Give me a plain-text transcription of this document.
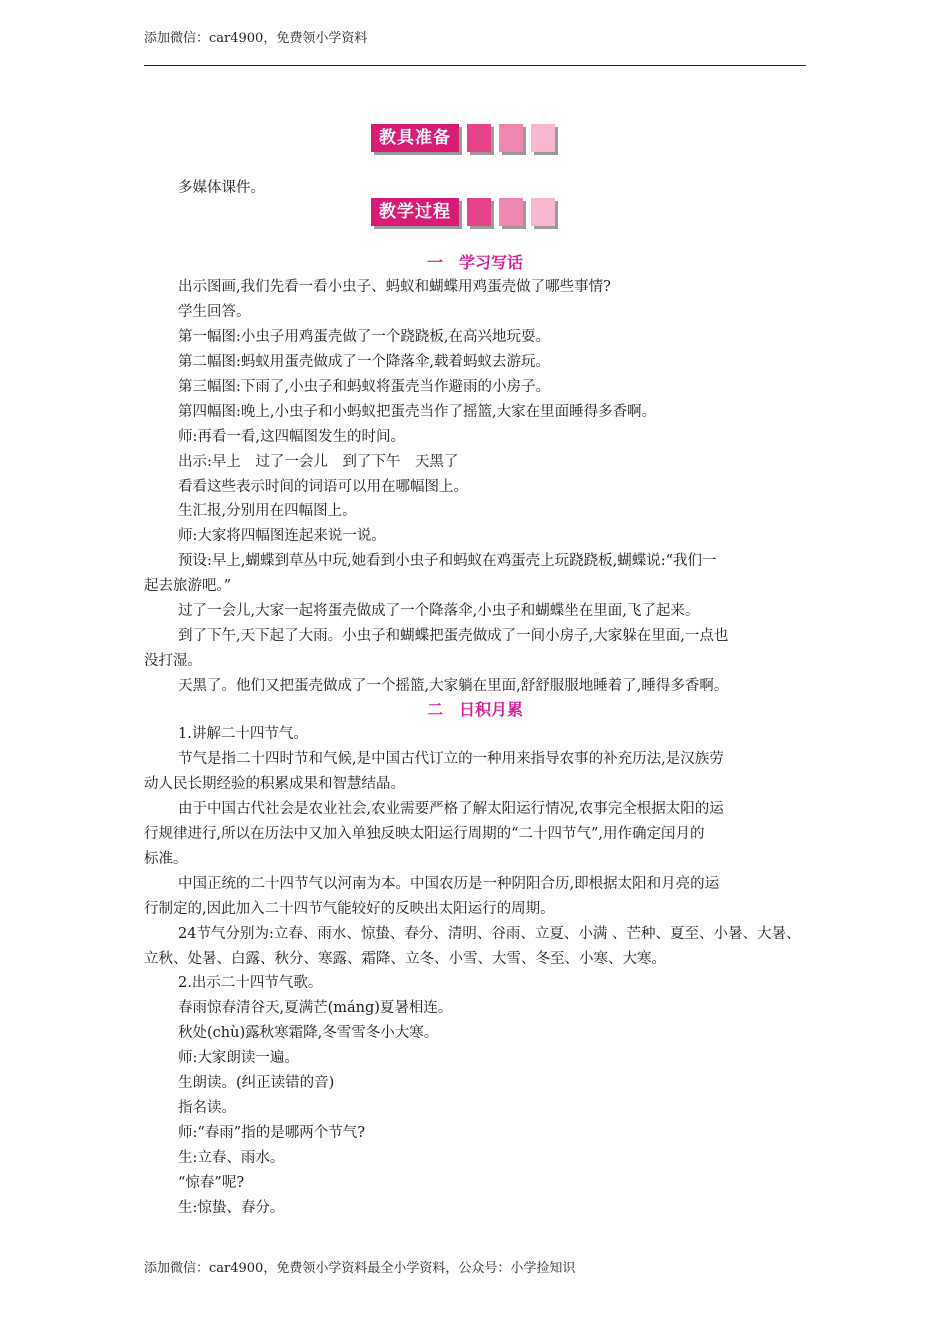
添加微信：car4900，免费领小学资料
教具准备
多媒体课件。
教学过程
一　学习写话
出示图画,我们先看一看小虫子、蚂蚁和蝴蝶用鸡蛋壳做了哪些事情?
学生回答。
第一幅图:小虫子用鸡蛋壳做了一个跷跷板,在高兴地玩耍。
第二幅图:蚂蚁用蛋壳做成了一个降落伞,载着蚂蚁去游玩。
第三幅图:下雨了,小虫子和蚂蚁将蛋壳当作避雨的小房子。
第四幅图:晚上,小虫子和小蚂蚁把蛋壳当作了摇篮,大家在里面睡得多香啊。
师:再看一看,这四幅图发生的时间。
出示:早上　过了一会儿　到了下午　天黑了
看看这些表示时间的词语可以用在哪幅图上。
生汇报,分别用在四幅图上。
师:大家将四幅图连起来说一说。
预设:早上,蝴蝶到草丛中玩,她看到小虫子和蚂蚁在鸡蛋壳上玩跷跷板,蝴蝶说:“我们一
起去旅游吧。”
过了一会儿,大家一起将蛋壳做成了一个降落伞,小虫子和蝴蝶坐在里面,飞了起来。
到了下午,天下起了大雨。小虫子和蝴蝶把蛋壳做成了一间小房子,大家躲在里面,一点也
没打湿。
天黑了。他们又把蛋壳做成了一个摇篮,大家躺在里面,舒舒服服地睡着了,睡得多香啊。
二　日积月累
1.讲解二十四节气。
节气是指二十四时节和气候,是中国古代订立的一种用来指导农事的补充历法,是汉族劳
动人民长期经验的积累成果和智慧结晶。
由于中国古代社会是农业社会,农业需要严格了解太阳运行情况,农事完全根据太阳的运
行规律进行,所以在历法中又加入单独反映太阳运行周期的“二十四节气”,用作确定闰月的
标准。
中国正统的二十四节气以河南为本。中国农历是一种阴阳合历,即根据太阳和月亮的运
行制定的,因此加入二十四节气能较好的反映出太阳运行的周期。
24节气分别为:立春、雨水、惊蛰、春分、清明、谷雨、立夏、小满 、芒种、夏至、小暑、大暑、
立秋、处暑、白露、秋分、寒露、霜降、立冬、小雪、大雪、冬至、小寒、大寒。
2.出示二十四节气歌。
春雨惊春清谷天,夏满芒(máng)夏暑相连。
秋处(chù)露秋寒霜降,冬雪雪冬小大寒。
师:大家朗读一遍。
生朗读。(纠正读错的音)
指名读。
师:“春雨”指的是哪两个节气?
生:立春、雨水。
“惊春”呢?
生:惊蛰、春分。
添加微信：car4900，免费领小学资料最全小学资料，公众号：小学捡知识
